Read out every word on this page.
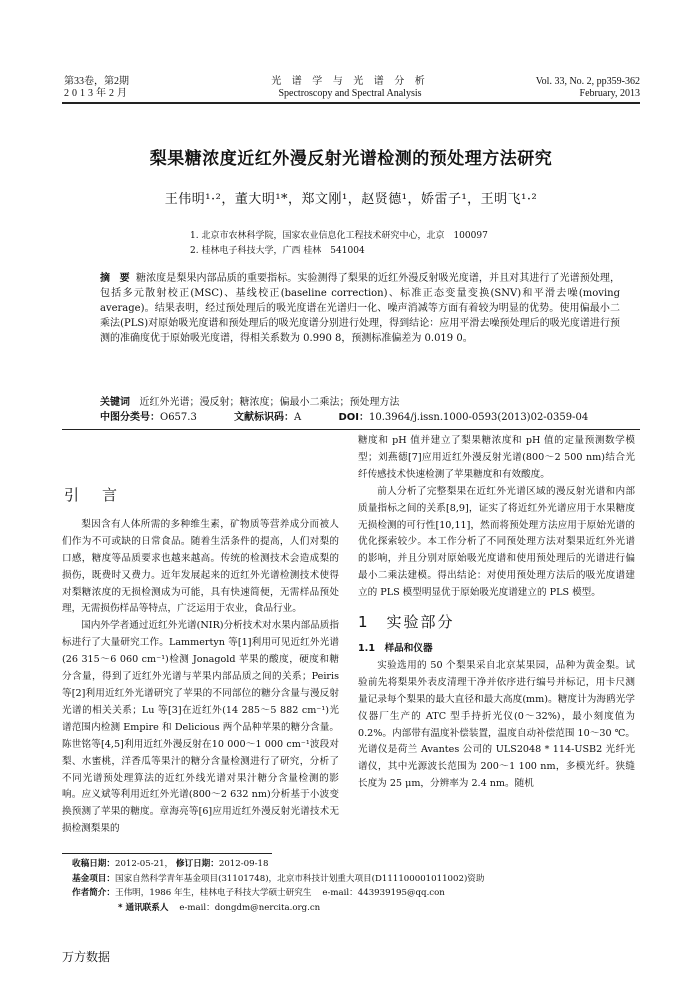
第33卷，第2期
2013年2月
光 谱 学 与 光 谱 分 析
Spectroscopy and Spectral Analysis
Vol. 33, No. 2, pp359-362
February, 2013
梨果糖浓度近红外漫反射光谱检测的预处理方法研究
王伟明¹·²，董大明¹*，郑文刚¹，赵贤德¹，娇雷子¹，王明飞¹·²
1. 北京市农林科学院，国家农业信息化工程技术研究中心，北京　100097
2. 桂林电子科技大学，广西 桂林　541004
摘 要 糖浓度是梨果内部品质的重要指标。实验测得了梨果的近红外漫反射吸光度谱，并且对其进行了光谱预处理，包括多元散射校正(MSC)、基线校正(baseline correction)、标准正态变量变换(SNV)和平滑去噪(moving average)。结果表明，经过预处理后的吸光度谱在光谱归一化、噪声消减等方面有着较为明显的优势。使用偏最小二乘法(PLS)对原始吸光度谱和预处理后的吸光度谱分别进行处理，得到结论：应用平滑去噪预处理后的吸光度谱进行预测的准确度优于原始吸光度谱，得相关系数为 0.990 8，预测标准偏差为 0.019 0。
关键词 近红外光谱；漫反射；糖浓度；偏最小二乘法；预处理方法
中图分类号：O657.3	文献标识码：A	DOI：10.3964/j.issn.1000-0593(2013)02-0359-04
引　言

梨因含有人体所需的多种维生素，矿物质等营养成分而被人们作为不可或缺的日常食品。随着生活条件的提高，人们对梨的口感，糖度等品质要求也越来越高。传统的检测技术会造成梨的损伤，既费时又费力。近年发展起来的近红外光谱检测技术使得对梨糖浓度的无损检测成为可能，具有快速简便，无需样品预处理，无需损伤样品等特点，广泛运用于农业，食品行业。

国内外学者通过近红外光谱(NIR)分析技术对水果内部品质指标进行了大量研究工作。Lammertyn 等[1]利用可见近红外光谱(26 315～6 060 cm⁻¹)检测 Jonagold 苹果的酸度，硬度和糖分含量，得到了近红外光谱与苹果内部品质之间的关系；Peiris 等[2]利用近红外光谱研究了苹果的不同部位的糖分含量与漫反射光谱的相关关系；Lu 等[3]在近红外(14 285～5 882 cm⁻¹)光谱范围内检测 Empire 和 Delicious 两个品种苹果的糖分含量。陈世铭等[4,5]利用近红外漫反射在10 000～1 000 cm⁻¹波段对梨、水蜜桃，洋香瓜等果汁的糖分含量检测进行了研究，分析了不同光谱预处理算法的近红外线光谱对果汁糖分含量检测的影响。应义斌等利用近红外光谱(800～2 632 nm)分析基于小波变换预测了苹果的糖度。章海亮等[6]应用近红外漫反射光谱技术无损检测梨果的

糖度和 pH 值并建立了梨果糖浓度和 pH 值的定量预测数学模型；刘燕德[7]应用近红外漫反射光谱(800～2 500 nm)结合光纤传感技术快速检测了苹果糖度和有效酸度。

前人分析了完整梨果在近红外光谱区域的漫反射光谱和内部质量指标之间的关系[8,9]，证实了将近红外光谱应用于水果糖度无损检测的可行性[10,11]，然而将预处理方法应用于原始光谱的优化探索较少。本工作分析了不同预处理方法对梨果近红外光谱的影响，并且分别对原始吸光度谱和使用预处理后的光谱进行偏最小二乘法建模。得出结论：对使用预处理方法后的吸光度谱建立的 PLS 模型明显优于原始吸光度谱建立的 PLS 模型。

1　实验部分
1.1　样品和仪器

实验选用的 50 个梨果采自北京某果园，品种为黄金梨。试验前先将梨果外表皮清理干净并依序进行编号并标记，用卡尺测量记录每个梨果的最大直径和最大高度(mm)。糖度计为海鸥光学仪器厂生产的 ATC 型手持折光仪(0～32%)，最小刻度值为 0.2%。内部带有温度补偿装置，温度自动补偿范围 10～30 ℃。光谱仪是荷兰 Avantes 公司的 ULS2048 * 114-USB2 光纤光谱仪，其中光源波长范围为 200～1 100 nm，多模光纤。狭缝长度为 25 μm，分辨率为 2.4 nm。随机

收稿日期：2012-05-21， 修订日期：2012-09-18
基金项目：国家自然科学青年基金项目(31101748)，北京市科技计划重大项目(D111100001011002)资助
作者简介：王伟明，1986 年生，桂林电子科技大学硕士研究生 e-mail：443939195@qq.con
* 通讯联系人 e-mail：dongdm@nercita.org.cn
万方数据
